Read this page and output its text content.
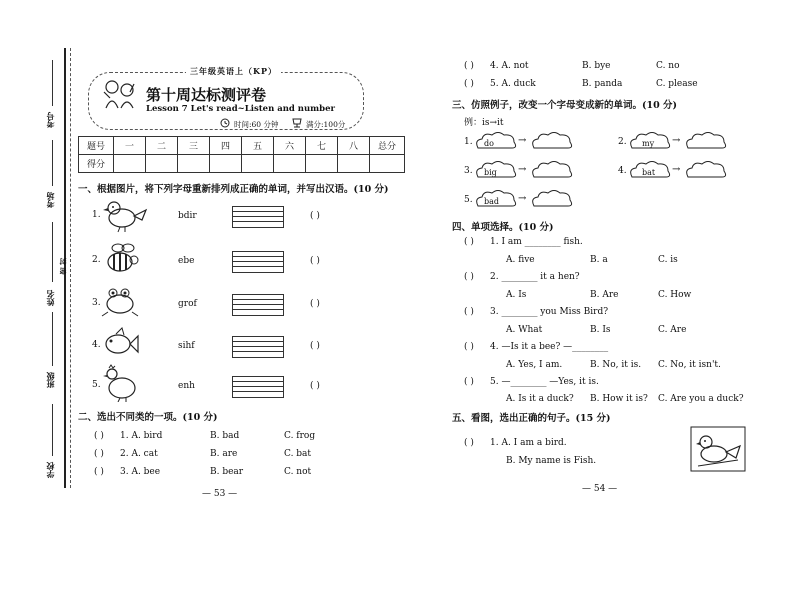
考号
考场
姓名
密 封
班级
学校
三年级英语上（KP）
第十周达标测评卷
Lesson 7 Let's read~Listen and number
时间:60 分钟	满分:100分
题号	一	二	三	四	五	六	七	八	总分
得分									
一、根据图片，将下列字母重新排列成正确的单词，并写出汉语。(10 分)
1.	bdir	( )
2.	ebe	( )
3.	grof	( )
4.	sihf	( )
5.	enh	( )
二、选出不同类的一项。(10 分)
( ) 1. A. bird	B. bad	C. frog
( ) 2. A. cat	B. are	C. bat
( ) 3. A. bee	B. bear	C. not
— 53 —
( ) 4. A. not	B. bye	C. no
( ) 5. A. duck	B. panda	C. please
三、仿照例子，改变一个字母变成新的单词。(10 分)
例：is→it
1. do →	2. my →
3. big →	4. bat →
5. bad →
四、单项选择。(10 分)
( ) 1. I am ________ fish.
A. five	B. a	C. is
( ) 2. ________ it a hen?
A. Is	B. Are	C. How
( ) 3. ________ you Miss Bird?
A. What	B. Is	C. Are
( ) 4. —Is it a bee? —________
A. Yes, I am.	B. No, it is. C. No, it isn't.
( ) 5. —________ —Yes, it is.
A. Is it a duck? B. How it is? C. Are you a duck?
五、看图，选出正确的句子。(15 分)
( ) 1. A. I am a bird.
B. My name is Fish.
— 54 —
